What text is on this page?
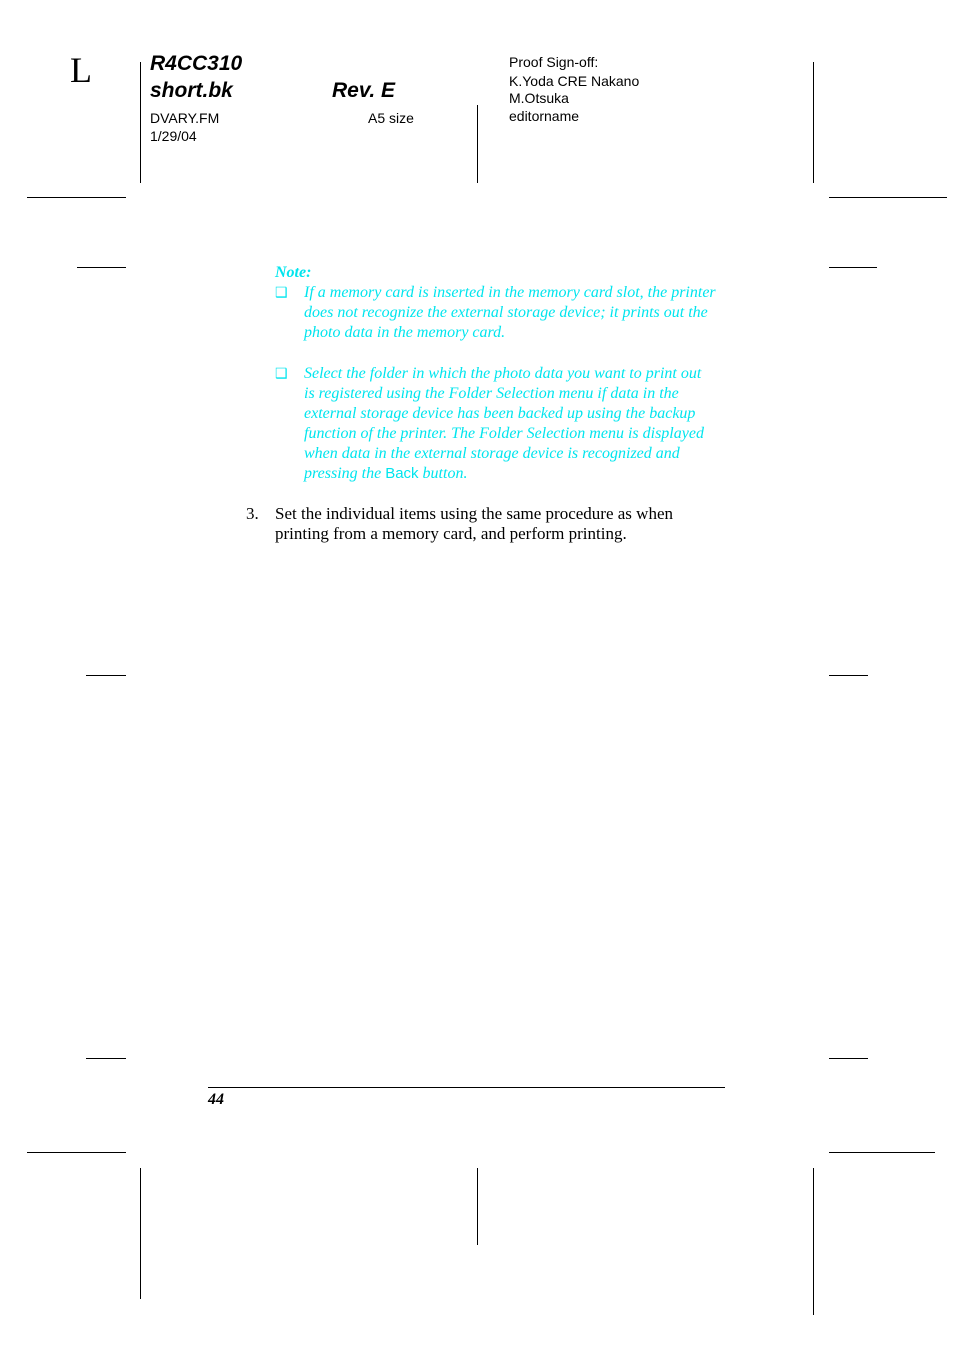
L	R4CC310
short.bk	Rev. E
DVARY.FM
1/29/04
A5 size
Proof Sign-off:
K.Yoda CRE Nakano
M.Otsuka
editorname
Note:
❑ If a memory card is inserted in the memory card slot, the printer
does not recognize the external storage device; it prints out the
photo data in the memory card.
❑ Select the folder in which the photo data you want to print out
is registered using the Folder Selection menu if data in the
external storage device has been backed up using the backup
function of the printer. The Folder Selection menu is displayed
when data in the external storage device is recognized and
pressing the Back button.
3. Set the individual items using the same procedure as when
printing from a memory card, and perform printing.
44
